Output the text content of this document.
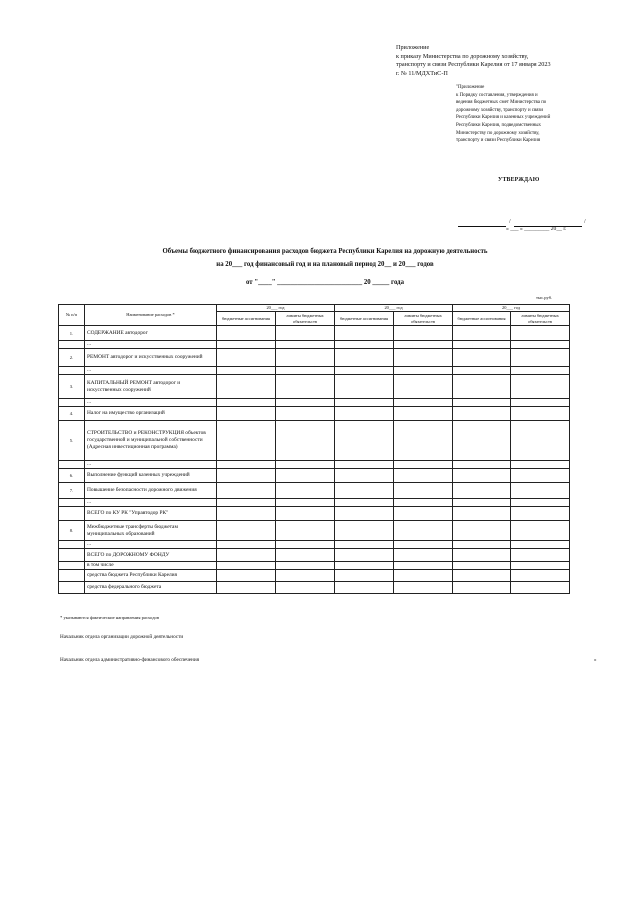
Приложение
к приказу Министерства по дорожному хозяйству,
транспорту и связи Республики Карелия от 17 января 2023
г. № 11/МДХТиС-П
"Приложение
к Порядку составления, утверждения и
ведения бюджетных смет Министерства по
дорожному хозяйству, транспорту и связи
Республики Карелия и казенных учреждений
Республики Карелия, подведомственных
Министерству по дорожному хозяйству,
транспорту и связи Республики Карелия
УТВЕРЖДАЮ
/	/
« ___ » _________ 20__ г.
Объемы бюджетного финансирования расходов бюджета Республики Карелия на дорожную деятельность
на 20___ год финансовый год и на плановый период 20__ и 20___ годов
от "____" _________________________ 20 _____ года
тыс.руб.
№ п/п	Наименование расходов *	20___ год		20___ год		20___ год	
		бюджетные ассигнования	лимиты бюджетных обязательств	бюджетные ассигнования	лимиты бюджетных обязательств	бюджетные ассигнования	лимиты бюджетных обязательств
1.	СОДЕРЖАНИЕ автодорог						
	...						
2.	РЕМОНТ автодорог и искусственных сооружений						
	...						
3.	КАПИТАЛЬНЫЙ РЕМОНТ автодорог и искусственных сооружений						
	...						
4.	Налог на имущество организаций						
5.	СТРОИТЕЛЬСТВО и РЕКОНСТРУКЦИЯ объектов государственной и муниципальной собственности (Адресная инвестиционная программа)						
	...						
6.	Выполнение функций казенных учреждений						
7.	Повышение безопасности дорожного движения						
	...						
	ВСЕГО по КУ РК "Управтодор РК"						
8.	Межбюджетные трансферты бюджетам муниципальных образований						
	...						
	ВСЕГО по ДОРОЖНОМУ ФОНДУ						
	в том числе						
	средства бюджета Республики Карелия						
	средства федерального бюджета						
* указываются фактические направления расходов
Начальник отдела организации дорожной деятельности
Начальник отдела административно-финансового обеспечения	»
